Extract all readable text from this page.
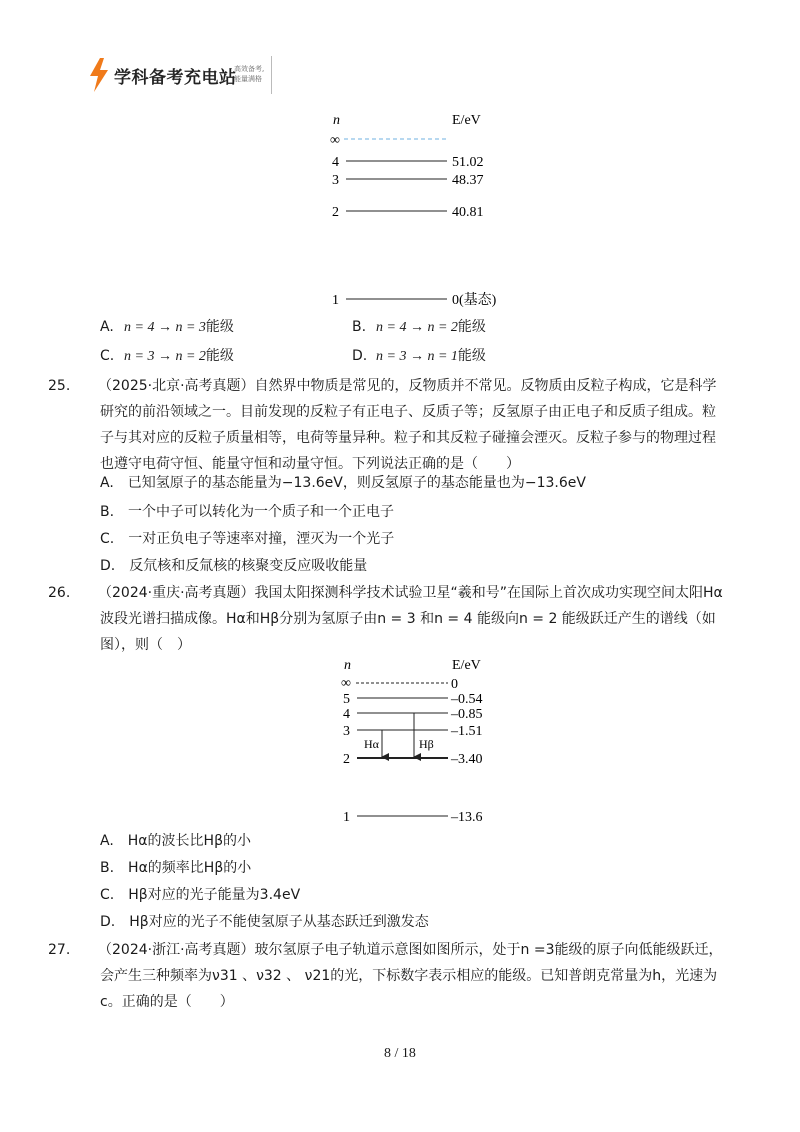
学科备考充电站
高效备考,
能量满格
n	E/eV
∞
4	51.02
3	48.37
2	40.81
1	0(基态)
A. n = 4 → n = 3能级	B. n = 4 → n = 2能级
C. n = 3 → n = 2能级	D. n = 3 → n = 1能级
25. （2025·北京·高考真题）自然界中物质是常见的，反物质并不常见。反物质由反粒子构成，它是科学研究的前沿领域之一。目前发现的反粒子有正电子、反质子等；反氢原子由正电子和反质子组成。粒子与其对应的反粒子质量相等，电荷等量异种。粒子和其反粒子碰撞会湮灭。反粒子参与的物理过程也遵守电荷守恒、能量守恒和动量守恒。下列说法正确的是（　　）
A.　已知氢原子的基态能量为−13.6eV，则反氢原子的基态能量也为−13.6eV
B.　一个中子可以转化为一个质子和一个正电子
C.　一对正负电子等速率对撞，湮灭为一个光子
D.　反氘核和反氚核的核聚变反应吸收能量
26. （2024·重庆·高考真题）我国太阳探测科学技术试验卫星“羲和号”在国际上首次成功实现空间太阳Hα波段光谱扫描成像。Hα和Hβ分别为氢原子由n = 3 和n = 4 能级向n = 2 能级跃迁产生的谱线（如图），则（　）
n	E/eV
∞	0
5	–0.54
4	–0.85
3	–1.51
2	–3.40
1	–13.6
Hα	Hβ
A.　Hα的波长比Hβ的小
B.　Hα的频率比Hβ的小
C.　Hβ对应的光子能量为3.4eV
D.　Hβ对应的光子不能使氢原子从基态跃迁到激发态
27. （2024·浙江·高考真题）玻尔氢原子电子轨道示意图如图所示，处于n =3能级的原子向低能级跃迁，会产生三种频率为ν31 、ν32 、 ν21的光，下标数字表示相应的能级。已知普朗克常量为h，光速为c。正确的是（　　）
8 / 18
